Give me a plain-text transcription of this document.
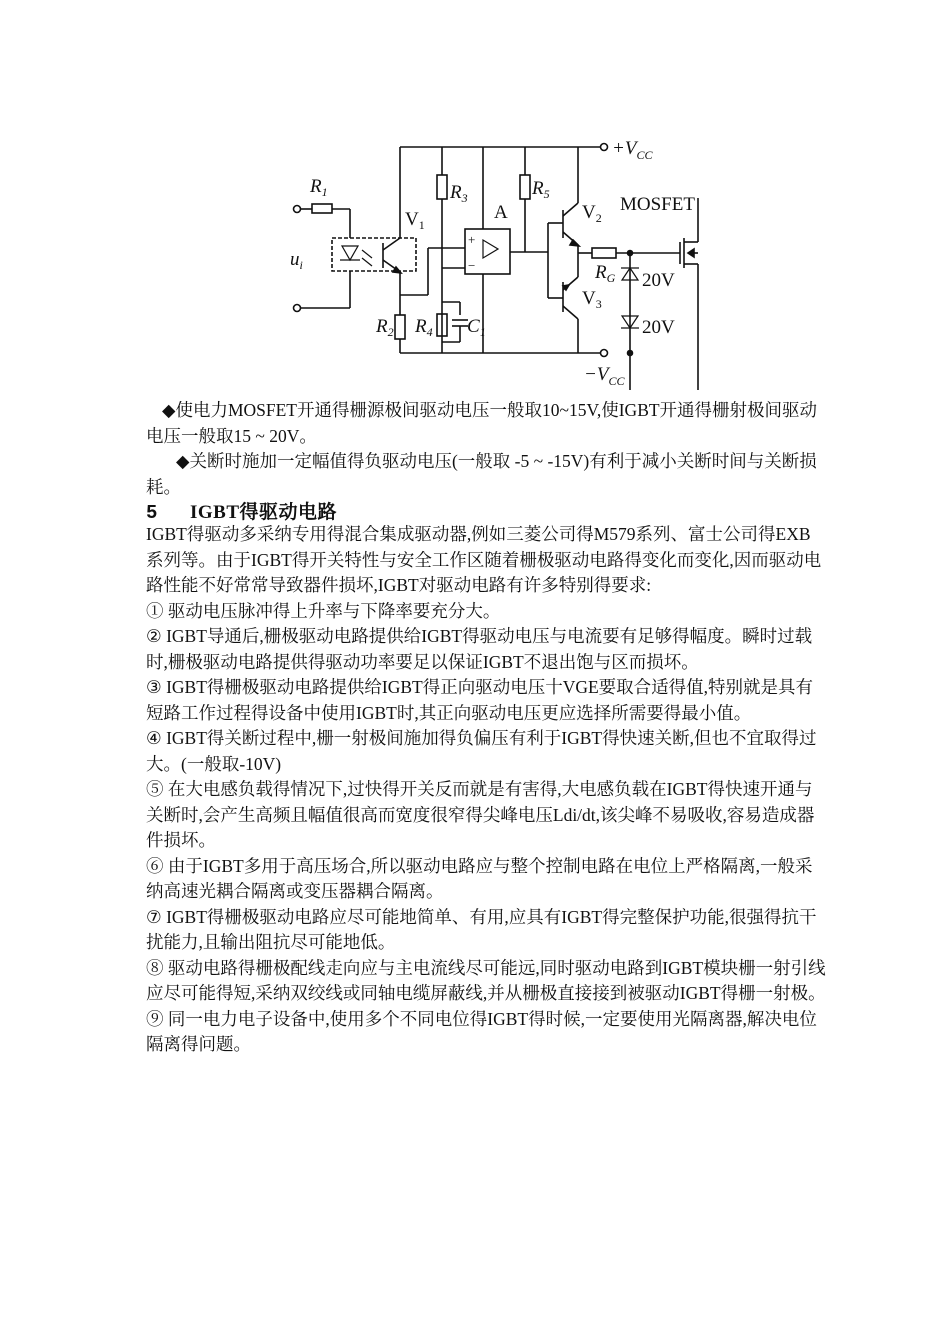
$R_1$
$u_i$
$V_1$
$R_2$
$R_3$
$R_4$ $C_1$
A
+
−
$R_5$
$V_2$
$V_3$
$R_G$
MOSFET
20V
20V
$+V_{CC}$
$-V_{CC}$

◆使电力MOSFET开通得栅源极间驱动电压一般取10~15V,使IGBT开通得栅射极间驱动电压一般取15 ~ 20V。

◆关断时施加一定幅值得负驱动电压(一般取 -5 ~ -15V)有利于减小关断时间与关断损耗。

5 IGBT得驱动电路

IGBT得驱动多采纳专用得混合集成驱动器,例如三菱公司得M579系列、富士公司得EXB系列等。由于IGBT得开关特性与安全工作区随着栅极驱动电路得变化而变化,因而驱动电路性能不好常常导致器件损坏,IGBT对驱动电路有许多特别得要求:

① 驱动电压脉冲得上升率与下降率要充分大。

② IGBT导通后,栅极驱动电路提供给IGBT得驱动电压与电流要有足够得幅度。瞬时过载时,栅极驱动电路提供得驱动功率要足以保证IGBT不退出饱与区而损坏。

③ IGBT得栅极驱动电路提供给IGBT得正向驱动电压十VGE要取合适得值,特别就是具有短路工作过程得设备中使用IGBT时,其正向驱动电压更应选择所需要得最小值。

④ IGBT得关断过程中,栅一射极间施加得负偏压有利于IGBT得快速关断,但也不宜取得过大。(一般取-10V)

⑤ 在大电感负载得情况下,过快得开关反而就是有害得,大电感负载在IGBT得快速开通与关断时,会产生高频且幅值很高而宽度很窄得尖峰电压Ldi/dt,该尖峰不易吸收,容易造成器件损坏。

⑥ 由于IGBT多用于高压场合,所以驱动电路应与整个控制电路在电位上严格隔离,一般采纳高速光耦合隔离或变压器耦合隔离。

⑦ IGBT得栅极驱动电路应尽可能地简单、有用,应具有IGBT得完整保护功能,很强得抗干扰能力,且输出阻抗尽可能地低。

⑧ 驱动电路得栅极配线走向应与主电流线尽可能远,同时驱动电路到IGBT模块栅一射引线应尽可能得短,采纳双绞线或同轴电缆屏蔽线,并从栅极直接接到被驱动IGBT得栅一射极。

⑨ 同一电力电子设备中,使用多个不同电位得IGBT得时候,一定要使用光隔离器,解决电位隔离得问题。
